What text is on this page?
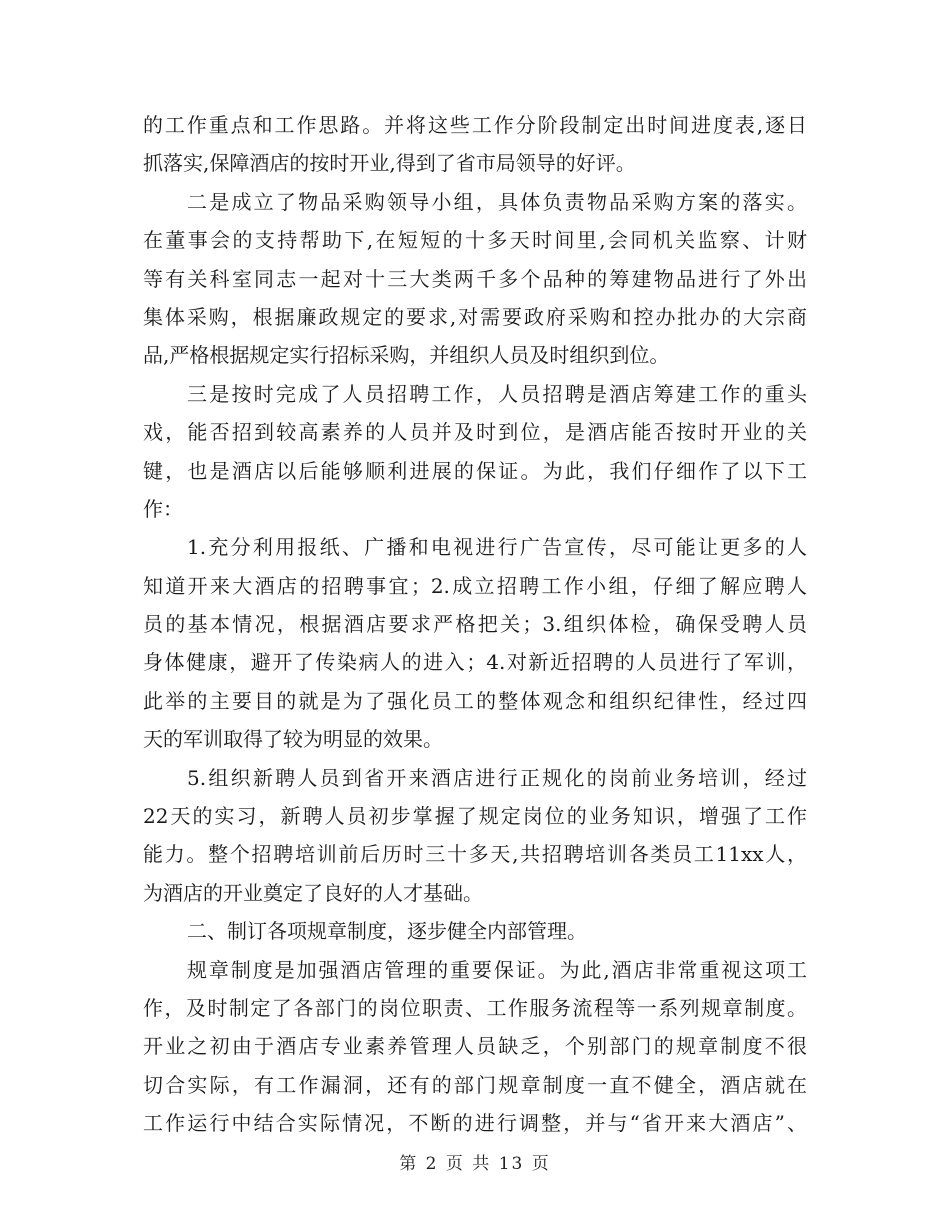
的工作重点和工作思路。并将这些工作分阶段制定出时间进度表,逐日
抓落实,保障酒店的按时开业,得到了省市局领导的好评。
二是成立了物品采购领导小组，具体负责物品采购方案的落实。
在董事会的支持帮助下,在短短的十多天时间里,会同机关监察、计财
等有关科室同志一起对十三大类两千多个品种的筹建物品进行了外出
集体采购，根据廉政规定的要求,对需要政府采购和控办批办的大宗商
品,严格根据规定实行招标采购，并组织人员及时组织到位。
三是按时完成了人员招聘工作，人员招聘是酒店筹建工作的重头
戏，能否招到较高素养的人员并及时到位，是酒店能否按时开业的关
键，也是酒店以后能够顺利进展的保证。为此，我们仔细作了以下工
作：
1.充分利用报纸、广播和电视进行广告宣传，尽可能让更多的人
知道开来大酒店的招聘事宜；2.成立招聘工作小组，仔细了解应聘人
员的基本情况，根据酒店要求严格把关；3.组织体检，确保受聘人员
身体健康，避开了传染病人的进入；4.对新近招聘的人员进行了军训，
此举的主要目的就是为了强化员工的整体观念和组织纪律性，经过四
天的军训取得了较为明显的效果。
5.组织新聘人员到省开来酒店进行正规化的岗前业务培训，经过
22天的实习，新聘人员初步掌握了规定岗位的业务知识，增强了工作
能力。整个招聘培训前后历时三十多天,共招聘培训各类员工11xx人，
为酒店的开业奠定了良好的人才基础。
二、制订各项规章制度，逐步健全内部管理。
规章制度是加强酒店管理的重要保证。为此,酒店非常重视这项工
作，及时制定了各部门的岗位职责、工作服务流程等一系列规章制度。
开业之初由于酒店专业素养管理人员缺乏，个别部门的规章制度不很
切合实际，有工作漏洞，还有的部门规章制度一直不健全，酒店就在
工作运行中结合实际情况，不断的进行调整，并与“省开来大酒店”、
第 2 页 共 13 页
